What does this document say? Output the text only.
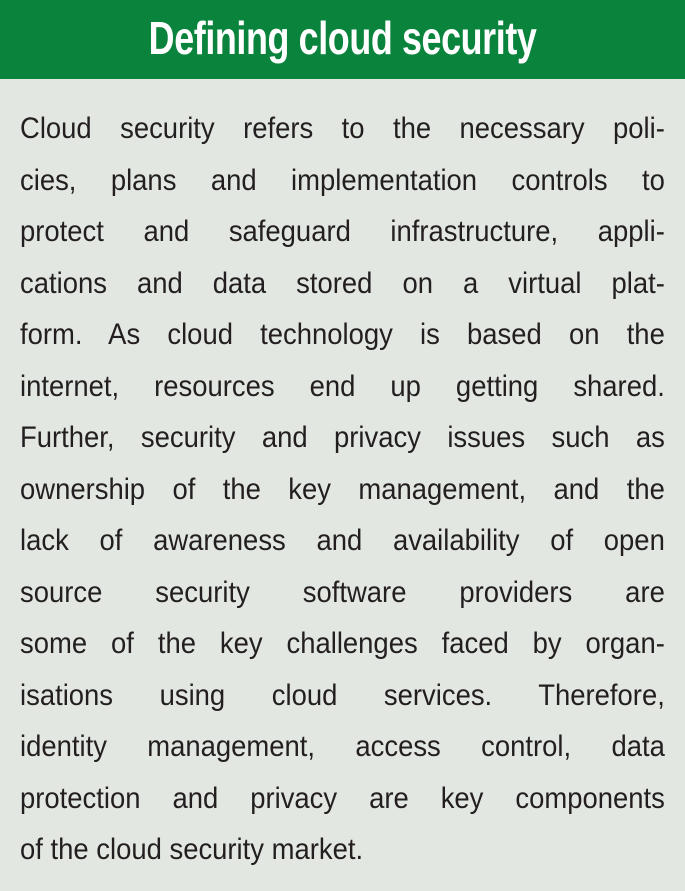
Defining cloud security
Cloud security refers to the necessary poli-
cies, plans and implementation controls to
protect and safeguard infrastructure, appli-
cations and data stored on a virtual plat-
form. As cloud technology is based on the
internet, resources end up getting shared.
Further, security and privacy issues such as
ownership of the key management, and the
lack of awareness and availability of open
source security software providers are
some of the key challenges faced by organ-
isations using cloud services. Therefore,
identity management, access control, data
protection and privacy are key components
of the cloud security market.
